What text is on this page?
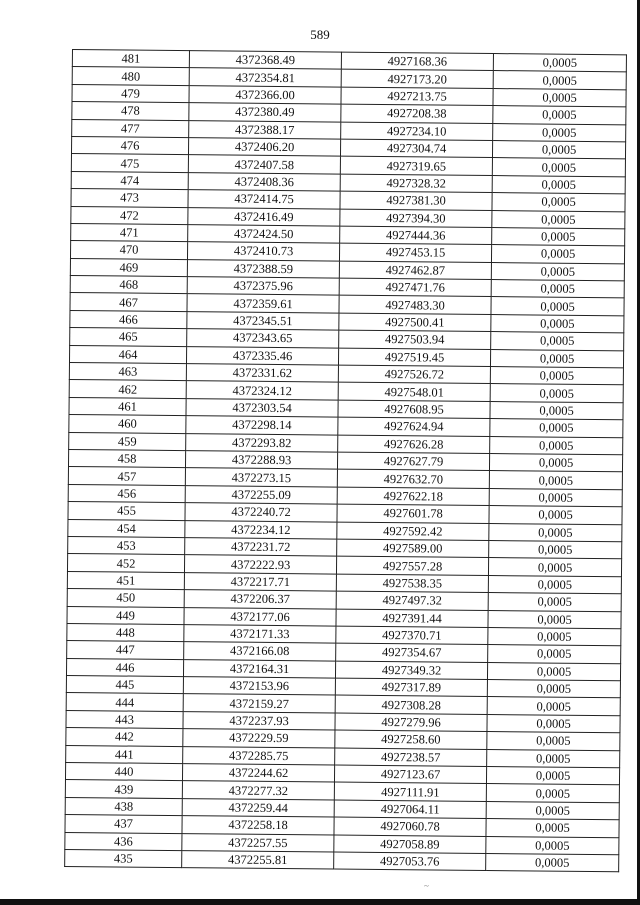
589
481	4372368.49	4927168.36	0,0005
480	4372354.81	4927173.20	0,0005
479	4372366.00	4927213.75	0,0005
478	4372380.49	4927208.38	0,0005
477	4372388.17	4927234.10	0,0005
476	4372406.20	4927304.74	0,0005
475	4372407.58	4927319.65	0,0005
474	4372408.36	4927328.32	0,0005
473	4372414.75	4927381.30	0,0005
472	4372416.49	4927394.30	0,0005
471	4372424.50	4927444.36	0,0005
470	4372410.73	4927453.15	0,0005
469	4372388.59	4927462.87	0,0005
468	4372375.96	4927471.76	0,0005
467	4372359.61	4927483.30	0,0005
466	4372345.51	4927500.41	0,0005
465	4372343.65	4927503.94	0,0005
464	4372335.46	4927519.45	0,0005
463	4372331.62	4927526.72	0,0005
462	4372324.12	4927548.01	0,0005
461	4372303.54	4927608.95	0,0005
460	4372298.14	4927624.94	0,0005
459	4372293.82	4927626.28	0,0005
458	4372288.93	4927627.79	0,0005
457	4372273.15	4927632.70	0,0005
456	4372255.09	4927622.18	0,0005
455	4372240.72	4927601.78	0,0005
454	4372234.12	4927592.42	0,0005
453	4372231.72	4927589.00	0,0005
452	4372222.93	4927557.28	0,0005
451	4372217.71	4927538.35	0,0005
450	4372206.37	4927497.32	0,0005
449	4372177.06	4927391.44	0,0005
448	4372171.33	4927370.71	0,0005
447	4372166.08	4927354.67	0,0005
446	4372164.31	4927349.32	0,0005
445	4372153.96	4927317.89	0,0005
444	4372159.27	4927308.28	0,0005
443	4372237.93	4927279.96	0,0005
442	4372229.59	4927258.60	0,0005
441	4372285.75	4927238.57	0,0005
440	4372244.62	4927123.67	0,0005
439	4372277.32	4927111.91	0,0005
438	4372259.44	4927064.11	0,0005
437	4372258.18	4927060.78	0,0005
436	4372257.55	4927058.89	0,0005
435	4372255.81	4927053.76	0,0005
~
